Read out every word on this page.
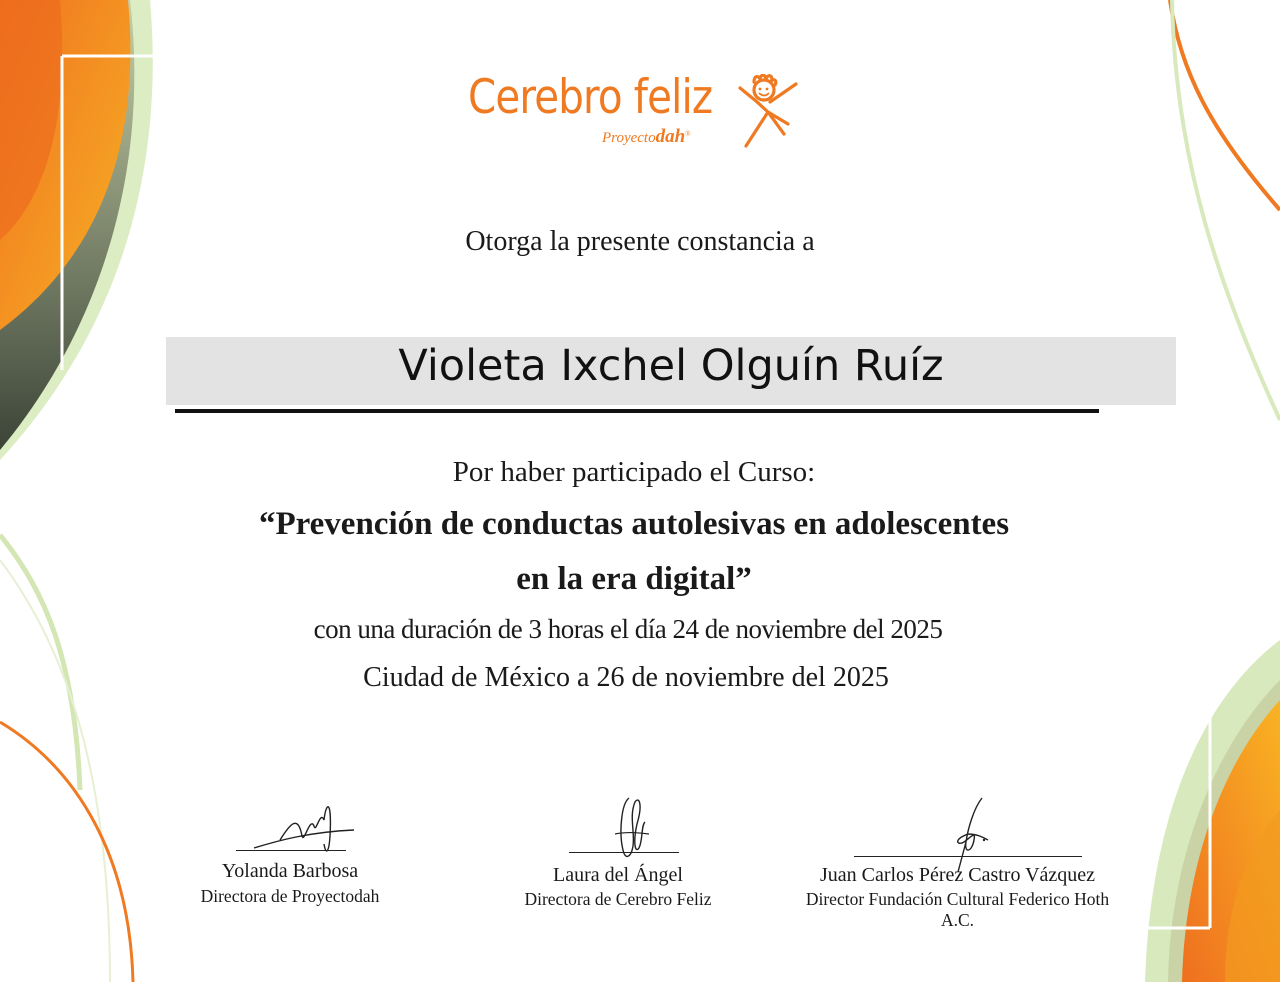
Cerebro feliz
Proyectodah®
Otorga la presente constancia a
Violeta Ixchel Olguín Ruíz
Por haber participado el Curso:
“Prevención de conductas autolesivas en adolescentes
en la era digital”
con una duración de 3 horas el día 24 de noviembre del 2025
Ciudad de México a 26 de noviembre del 2025
Yolanda Barbosa
Directora de Proyectodah
Laura del Ángel
Directora de Cerebro Feliz
Juan Carlos Pérez Castro Vázquez
Director Fundación Cultural Federico Hoth
A.C.
